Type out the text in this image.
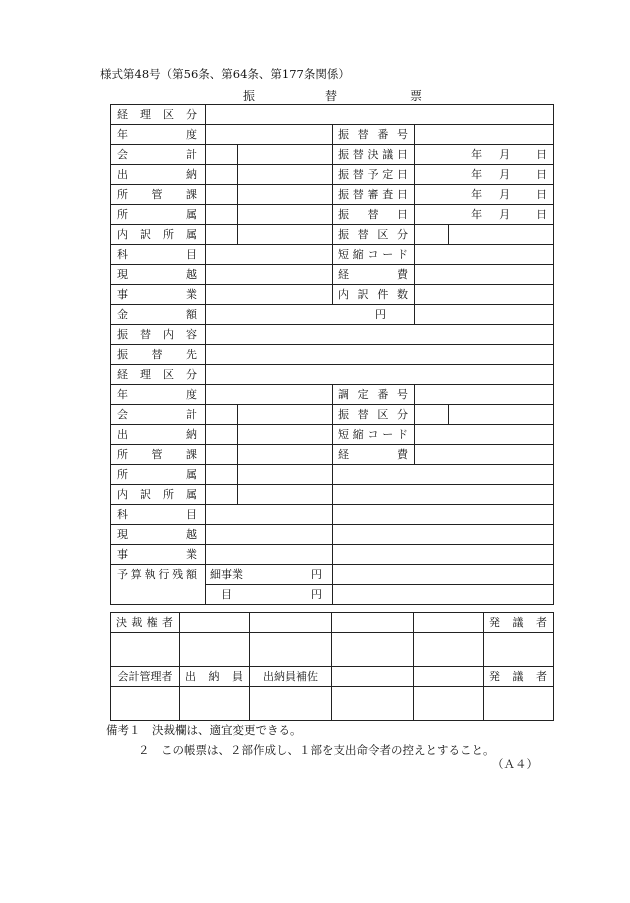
様式第48号（第56条、第64条、第177条関係）
振	替	票
経理区分					
年度			振替番号		
会計			振替決議日	年 月 日	

出納			振替予定日	年 月 日	

所管課			振替審査日	年 月 日	

所属			振替日	年 月 日	

内訳所属			振替区分		
科目			短縮コード		
現越			経費		
事業			内訳件数		
金額	円				
振替内容					
振替先					
経理区分					
年度			調定番号		
会計			振替区分		
出納			短縮コード		
所管課			経費		
所属					
内訳所属					
科目					
現越					
事業					
予算執行残額	細事業 円				
	目 円				
決裁権者					発議者

会計管理者	出納員	出納員補佐			発議者

備考１　決裁欄は、適宜変更できる。
２　この帳票は、２部作成し、１部を支出命令者の控えとすること。
（Ａ４）
